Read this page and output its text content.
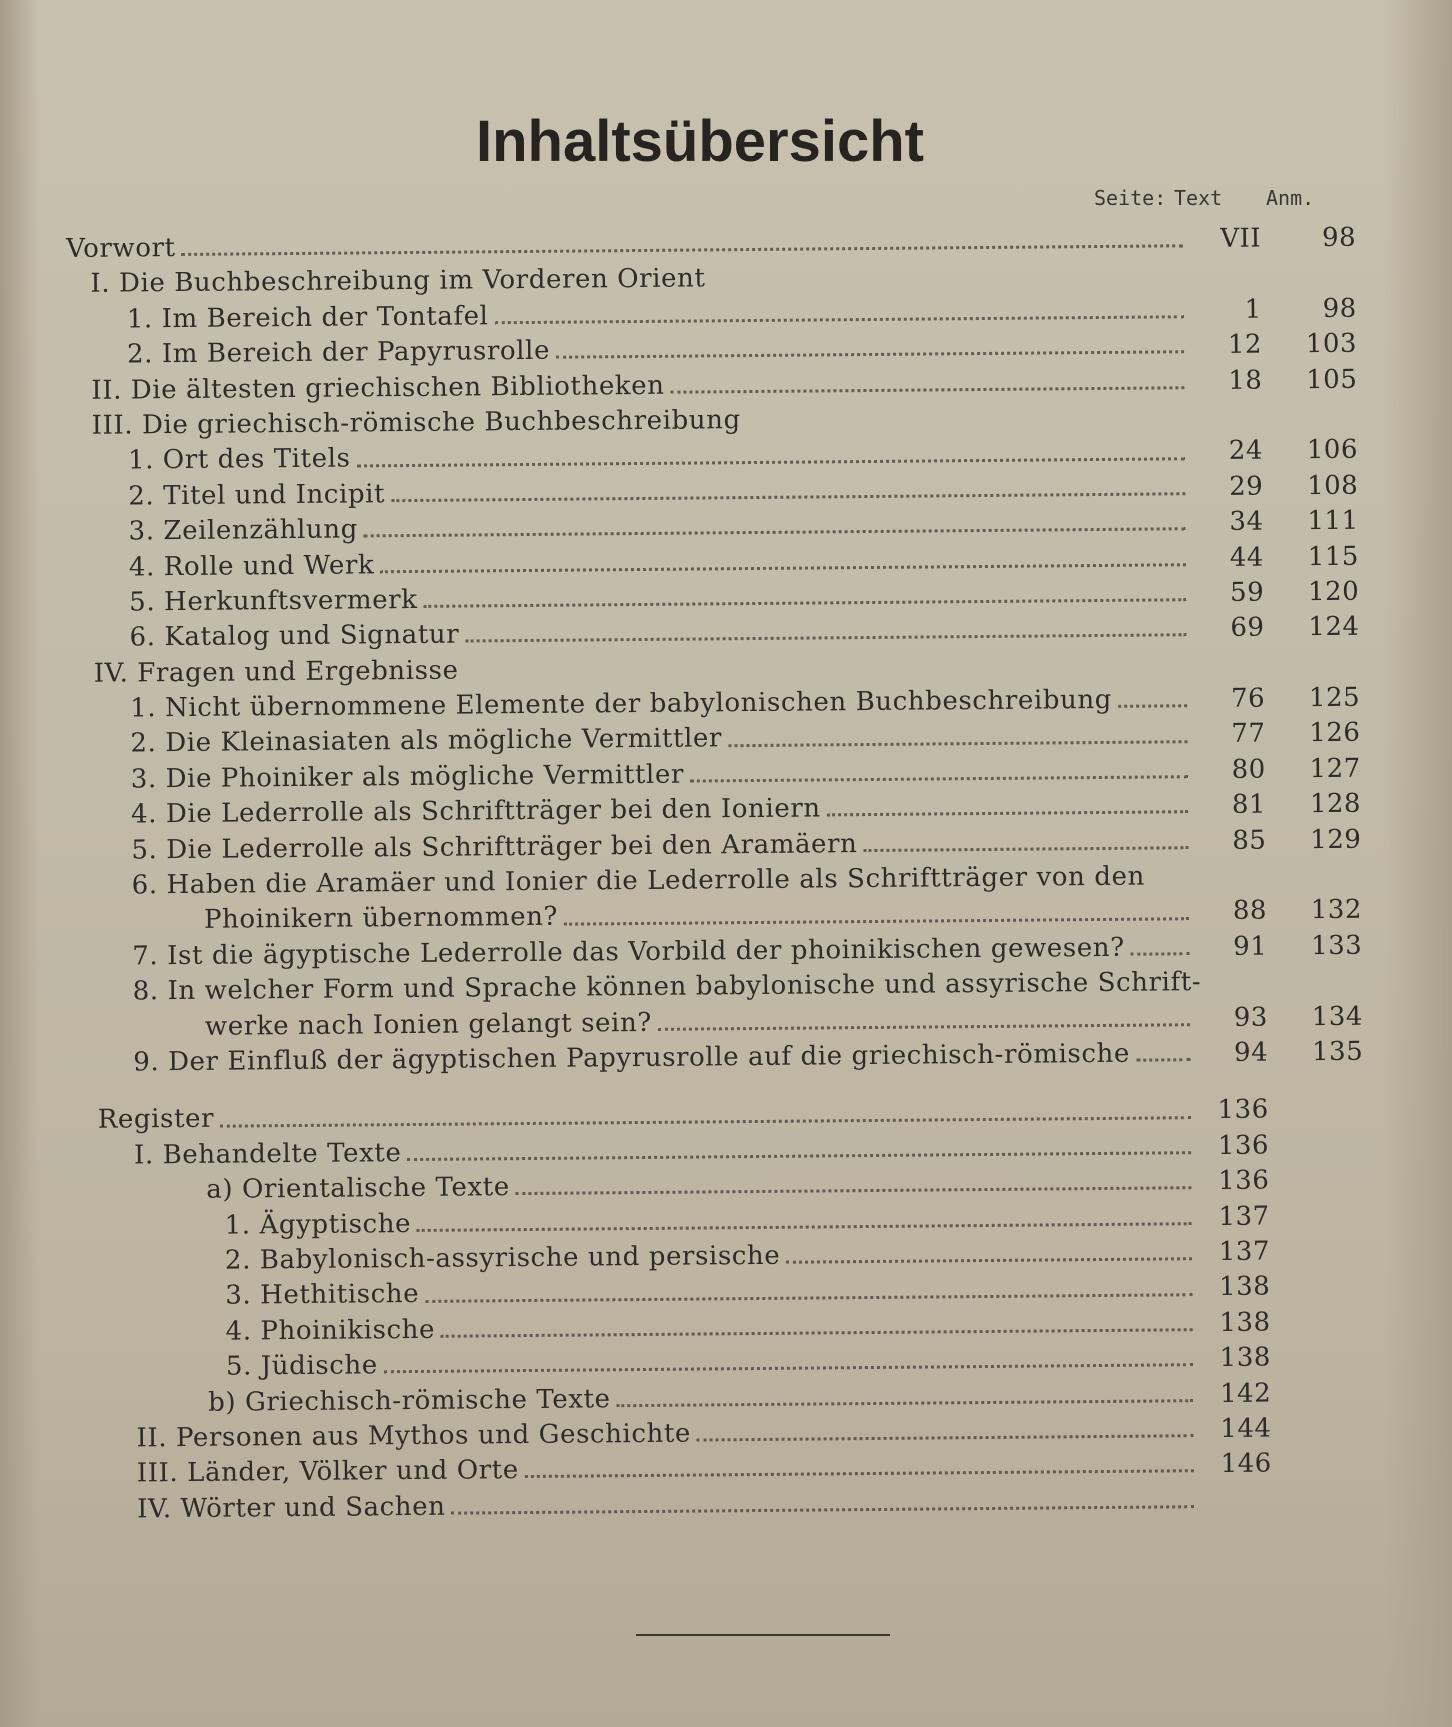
Inhaltsübersicht
Seite: Text Anm.
Vorwort	VII	98
I. Die Buchbeschreibung im Vorderen Orient
1. Im Bereich der Tontafel	1	98
2. Im Bereich der Papyrusrolle	12	103
II. Die ältesten griechischen Bibliotheken	18	105
III. Die griechisch-römische Buchbeschreibung
1. Ort des Titels	24	106
2. Titel und Incipit	29	108
3. Zeilenzählung	34	111
4. Rolle und Werk	44	115
5. Herkunftsvermerk	59	120
6. Katalog und Signatur	69	124
IV. Fragen und Ergebnisse
1. Nicht übernommene Elemente der babylonischen Buchbeschreibung	76	125
2. Die Kleinasiaten als mögliche Vermittler	77	126
3. Die Phoiniker als mögliche Vermittler	80	127
4. Die Lederrolle als Schriftträger bei den Ioniern	81	128
5. Die Lederrolle als Schriftträger bei den Aramäern	85	129
6. Haben die Aramäer und Ionier die Lederrolle als Schriftträger von den
Phoinikern übernommen?	88	132
7. Ist die ägyptische Lederrolle das Vorbild der phoinikischen gewesen?	91	133
8. In welcher Form und Sprache können babylonische und assyrische Schrift-
werke nach Ionien gelangt sein?	93	134
9. Der Einfluß der ägyptischen Papyrusrolle auf die griechisch-römische	94	135
Register	136
I. Behandelte Texte	136
a) Orientalische Texte	136
1. Ägyptische	137
2. Babylonisch-assyrische und persische	137
3. Hethitische	138
4. Phoinikische	138
5. Jüdische	138
b) Griechisch-römische Texte	142
II. Personen aus Mythos und Geschichte	144
III. Länder, Völker und Orte	146
IV. Wörter und Sachen
